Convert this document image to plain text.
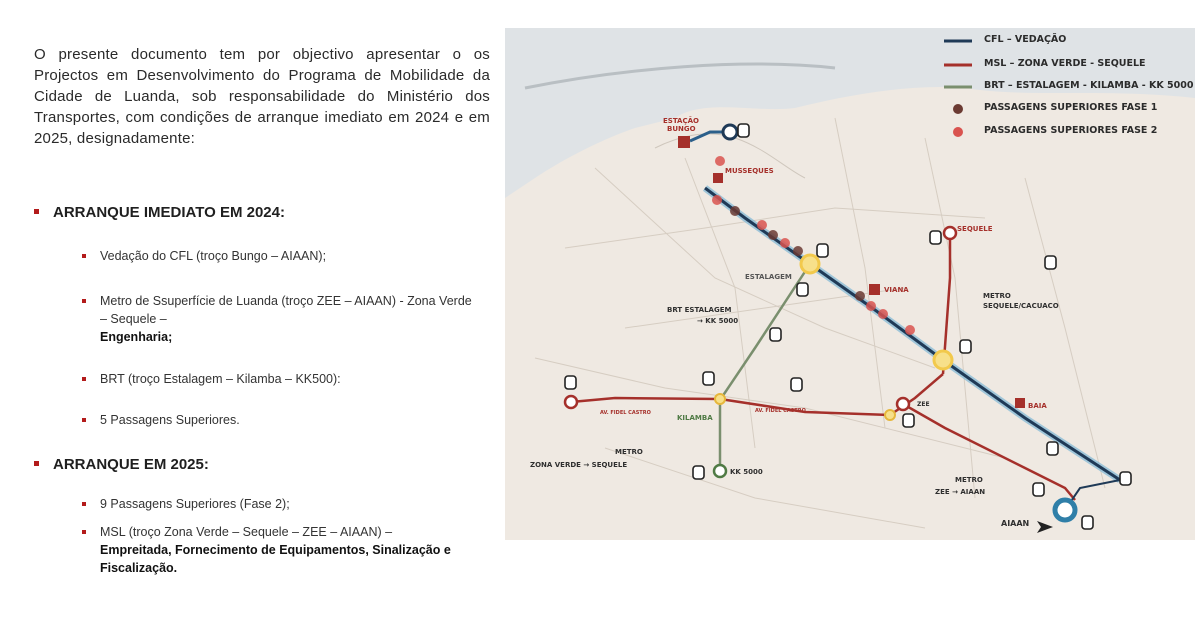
O presente documento tem por objectivo apresentar o os Projectos em Desenvolvimento do Programa de Mobilidade da Cidade de Luanda, sob responsabilidade do Ministério dos Transportes, com condições de arranque imediato em 2024 e em 2025, designadamente:

ARRANQUE IMEDIATO EM 2024:
Vedação do CFL (troço Bungo – AIAAN);
Metro de Ssuperfície de Luanda (troço ZEE – AIAAN) - Zona Verde – Sequele –
Engenharia;
BRT (troço Estalagem – Kilamba – KK500):
5 Passagens Superiores.
ARRANQUE EM 2025:
9 Passagens Superiores (Fase 2);
MSL (troço Zona Verde – Sequele – ZEE – AIAAN) –
Empreitada, Fornecimento de Equipamentos, Sinalização e Fiscalização.
ESTAÇÃO
BUNGO
MUSSEQUES
SEQUELE
ESTALAGEM
VIANA
BAIA
BRT ESTALAGEM
→ KK 5000
METRO
SEQUELE/CACUACO
KILAMBA
KK 5000
METRO
ZONA VERDE → SEQUELE
METRO
ZEE → AIAAN
AIAAN
ZEE
AV. FIDEL CASTRO	AV. FIDEL CASTRO
CFL – VEDAÇÃO
MSL – ZONA VERDE - SEQUELE
BRT – ESTALAGEM - KILAMBA - KK 5000
PASSAGENS SUPERIORES FASE 1
PASSAGENS SUPERIORES FASE 2
